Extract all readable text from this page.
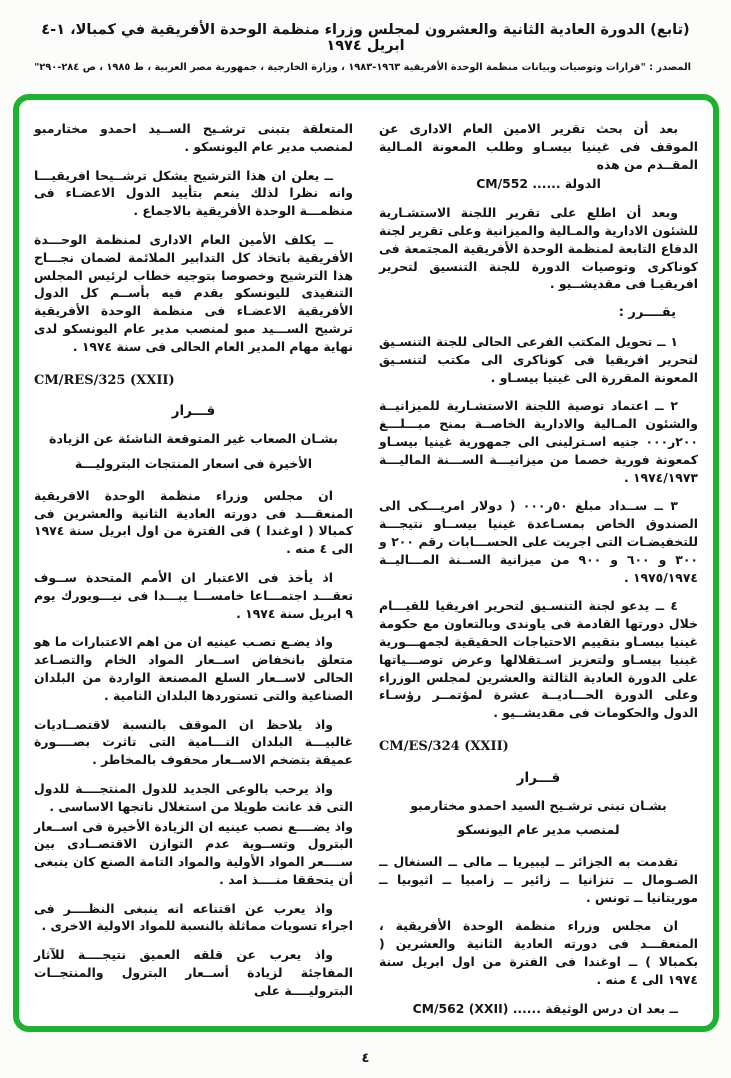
(تابع) الدورة العادية الثانية والعشرون لمجلس وزراء منظمة الوحدة الأفريقية في كمبالا، ١-٤ ابريل ١٩٧٤
المصدر : "قرارات وتوصيات وبيانات منظمة الوحدة الأفريقية ١٩٦٣-١٩٨٣ ، وزارة الخارجية ، جمهورية مصر العربية ، ط ١٩٨٥ ، ص ٢٨٤-٢٩٠"
بعد أن بحث تقرير الامين العام الادارى عن الموقف فى غينيا بيسـاو وطلب المعونة المـالية المقــدم من هذه
الدولة ...... CM/552
وبعد أن اطلع على تقرير اللجنة الاستشـارية للشئون الادارية والمـالية والميزانية وعلى تقرير لجنة الدفاع التابعة لمنظمة الوحدة الأفريقية المجتمعة فى كوناكرى وتوصيات الدورة للجنة التنسيق لتحرير افريقيـا فى مقديشــيو .
يقــــرر :
١ ــ تحويل المكتب الفرعى الحالى للجنة التنسـيق لتحرير افريقيا فى كوناكرى الى مكتب لتنسـيق المعونة المقررة الى غينيا بيسـاو .
٢ ــ اعتماد توصية اللجنة الاستشـارية للميزانيــة والشئون المـالية والادارية الخاصــة بمنح مبـــلـــغ ٢٠٠ر٠٠٠ جنيه اسـترلينى الى جمهورية غينيا بيسـاو كمعونة فورية خصما من ميزانيـــة الســـنة الماليـــة ١٩٧٤/١٩٧٣ .
٣ ــ ســداد مبلغ ٥٠ر٠٠٠ ( دولار امريـــكى الى الصندوق الخاص بمسـاعدة غينيا بيســاو نتيجـــة للتخفيضـات التى اجريت على الحســـابات رقم ٢٠٠ و ٣٠٠ و ٦٠٠ و ٩٠٠ من ميزانية الســنة المـــاليــة ١٩٧٥/١٩٧٤ .
٤ ــ يدعو لجنة التنسـيق لتحرير افريقيا للقيـــام خلال دورتها القادمة فى ياوندى وبالتعاون مع حكومة غينيا بيسـاو بتقييم الاحتياجات الحقيقية لجمهـــورية غينيا بيسـاو ولتعزيز اسـتقلالها وعرض توصـــياتها على الدورة العادية الثالثة والعشرين لمجلس الوزراء وعلى الدورة الحـــاديــة عشرة لمؤتمــر رؤسـاء الدول والحكومات فى مقديشــيو .
CM/ES/324 (XXII)
قـــرار
بشـان تبنى ترشـيح السيد احمدو مختارمبو
لمنصب مدير عام اليونسكو
تقدمت به الجزائر ــ ليبيريا ــ مالى ــ السنغال ــ الصـومال ــ تنزانيا ــ زائير ــ زامبيا ــ اثيوبيا ــ موريتانيا ــ تونس .
ان مجلس وزراء منظمة الوحدة الأفريقية ، المنعقـــد فى دورته العادية الثانية والعشرين ( بكمبالا ) ــ اوغندا فى الفترة من اول ابريل سنة ١٩٧٤ الى ٤ منه .
ــ بعد ان درس الوثيقة ...... CM/562 (XXII)
المتعلقة بتبنى ترشـيح الســيد احمدو مختارمبو لمنصب مدير عام اليونسكو .
ــ يعلن ان هذا الترشيح يشكل ترشــيحا افريقيـــا وانه نظرا لذلك ينعم بتأييد الدول الاعضـاء فى منظمـــة الوحدة الأفريقية بالاجماع .
ــ يكلف الأمين العام الادارى لمنظمة الوحـــدة الأفريقية باتخاذ كل التدابير الملائمة لضمان نجـــاح هذا الترشيح وخصوصا بتوجيه خطاب لرئيس المجلس التنفيذى لليونسكو يقدم فيه بأســم كل الدول الأفريقية الاعضـاء فى منظمة الوحدة الأفريقية ترشيح الســـيد مبو لمنصب مدير عام اليونسكو لدى نهاية مهام المدير العام الحالى فى سنة ١٩٧٤ .
CM/RES/325 (XXII)
قـــرار
بشـان الصعاب غير المتوقعة الناشئة عن الزيادة
الأخيرة فى اسعار المنتجات البتروليـــة
ان مجلس وزراء منظمة الوحدة الافريقية المنعقـــد فى دورته العادية الثانية والعشرين فى كمبالا ( اوغندا ) فى الفترة من اول ابريل سنة ١٩٧٤ الى ٤ منه .
اذ يأخذ فى الاعتبار ان الأمم المتحدة ســوف تعقـــد اجتمـــاعا خامســـا يبـــدا فى نيـــويورك يوم ٩ ابريل سنة ١٩٧٤ .
واذ يضـع نصـب عينيه ان من اهم الاعتبارات ما هو متعلق بانخفاض اســعار المواد الخام والتصـاعد الحالى لاســعار السلع المصنعة الواردة من البلدان الصناعية والتى تستوردها البلدان النامية .
واذ يلاحظ ان الموقف بالنسبة لاقتصــاديات غالبيـــة البلدان النـــامية التى تاثرت بصــــورة عميقة بتضخم الاســعار محفوف بالمخاطر .
واذ يرحب بالوعى الجديد للدول المنتجــــة للدول التى قد عانت طويلا من استغلال ناتجها الاساسى .
واذ يضــــع نصب عينيه ان الزيادة الأخيرة فى اســعار البترول وتســوية عدم التوازن الاقتصــادى بين ســــعر المواد الأولية والمواد التامة الصنع كان ينبغى أن يتحققا منــــذ امد .
واذ يعرب عن اقتناعه انه ينبغى النظــــر فى اجراء تسويات مماثلة بالنسبة للمواد الاولية الاخرى .
واذ يعرب عن قلقه العميق نتيجــــة للآثار المفاجئة لزيادة أســعار البترول والمنتجــات البتروليــــة على
٤
